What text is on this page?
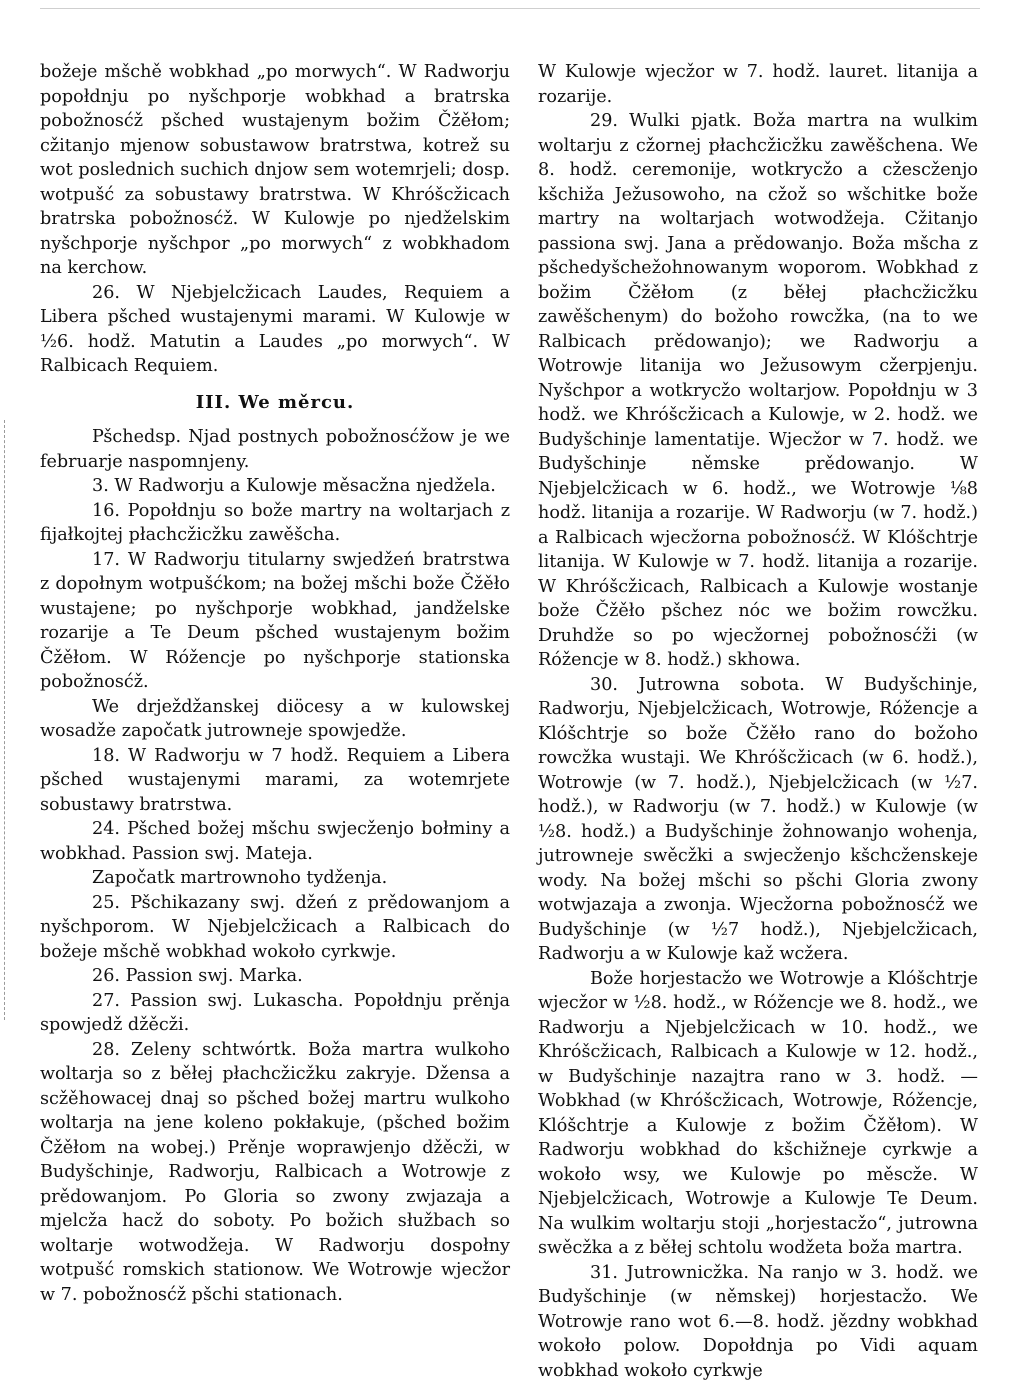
božeje mšchě wobkhad „po morwych“. W Radworju popołdnju po nyšchporje wobkhad a bratrska pobožnosćž pšched wustajenym božim Čžěłom; cžitanjo mjenow sobustawow bratrstwa, kotrež su wot poslednich suchich dnjow sem wotemrjeli; dosp. wotpušć za sobustawy bratrstwa. W Khróšcžicach bratrska pobožnosćž. W Kulowje po njedželskim nyšchporje nyšchpor „po morwych“ z wobkhadom na kerchow.

26. W Njebjelcžicach Laudes, Requiem a Libera pšched wustajenymi marami. W Kulowje w ½6. hodž. Matutin a Laudes „po morwych“. W Ralbicach Requiem.

III. We měrcu.

Pšchedsp. Njad postnych pobožnosćžow je we februarje naspomnjeny.

3. W Radworju a Kulowje měsacžna njedžela.

16. Popołdnju so bože martry na woltarjach z fijałkojtej płachcžicžku zawěšcha.

17. W Radworju titularny swjedžeń bratrstwa z dopołnym wotpušćkom; na božej mšchi bože Čžěło wustajene; po nyšchporje wobkhad, jandželske rozarije a Te Deum pšched wustajenym božim Čžěłom. W Róžencje po nyšchporje stationska pobožnosćž.

We drježdžanskej diöcesy a w kulowskej wosadže započatk jutrowneje spowjedže.

18. W Radworju w 7 hodž. Requiem a Libera pšched wustajenymi marami, za wotemrjete sobustawy bratrstwa.

24. Pšched božej mšchu swjecženjo bołminy a wobkhad. Passion swj. Mateja.

Započatk martrownoho tydženja.

25. Pšchikazany swj. džeń z prědowanjom a nyšchporom. W Njebjelcžicach a Ralbicach do božeje mšchě wobkhad wokoło cyrkwje.

26. Passion swj. Marka.

27. Passion swj. Lukascha. Popołdnju prěnja spowjedž džěcži.

28. Zeleny schtwórtk. Boža martra wulkoho woltarja so z běłej płachcžicžku zakryje. Džensa a scžěhowacej dnaj so pšched božej martru wulkoho woltarja na jene koleno pokłakuje, (pšched božim Čžěłom na wobej.) Prěnje woprawjenjo džěcži, w Budyšchinje, Radworju, Ralbicach a Wotrowje z prědowanjom. Po Gloria so zwony zwjazaja a mjelcža hacž do soboty. Po božich słužbach so woltarje wotwodžeja. W Radworju dospołny wotpušć romskich stationow. We Wotrowje wjecžor w 7. pobožnosćž pšchi stationach.

W Kulowje wjecžor w 7. hodž. lauret. litanija a rozarije.

29. Wulki pjatk. Boža martra na wulkim woltarju z cžornej płachcžicžku zawěšchena. We 8. hodž. ceremonije, wotkrycžo a cžescženjo kšchiža Ježusowoho, na cžož so wšchitke bože martry na woltarjach wotwodžeja. Cžitanjo passiona swj. Jana a prědowanjo. Boža mšcha z pšchedyšchežohnowanym woporom. Wobkhad z božim Čžěłom (z běłej płachcžicžku zawěšchenym) do božoho rowcžka, (na to we Ralbicach prědowanjo); we Radworju a Wotrowje litanija wo Ježusowym cžerpjenju. Nyšchpor a wotkrycžo woltarjow. Popołdnju w 3 hodž. we Khróšcžicach a Kulowje, w 2. hodž. we Budyšchinje lamentatije. Wjecžor w 7. hodž. we Budyšchinje němske prědowanjo. W Njebjelcžicach w 6. hodž., we Wotrowje ⅛8 hodž. litanija a rozarije. W Radworju (w 7. hodž.) a Ralbicach wjecžorna pobožnosćž. W Klóšchtrje litanija. W Kulowje w 7. hodž. litanija a rozarije. W Khróšcžicach, Ralbicach a Kulowje wostanje bože Čžěło pšchez nóc we božim rowcžku. Druhdže so po wjecžornej pobožnosćži (w Róžencje w 8. hodž.) skhowa.

30. Jutrowna sobota. W Budyšchinje, Radworju, Njebjelcžicach, Wotrowje, Róžencje a Klóšchtrje so bože Čžěło rano do božoho rowcžka wustaji. We Khróšcžicach (w 6. hodž.), Wotrowje (w 7. hodž.), Njebjelcžicach (w ½7. hodž.), w Radworju (w 7. hodž.) w Kulowje (w ½8. hodž.) a Budyšchinje žohnowanjo wohenja, jutrowneje swěcžki a swjecženjo kšchcženskeje wody. Na božej mšchi so pšchi Gloria zwony wotwjazaja a zwonja. Wjecžorna pobožnosćž we Budyšchinje (w ½7 hodž.), Njebjelcžicach, Radworju a w Kulowje kaž wcžera.

Bože horjestacžo we Wotrowje a Klóšchtrje wjecžor w ½8. hodž., w Róžencje we 8. hodž., we Radworju a Njebjelcžicach w 10. hodž., we Khróšcžicach, Ralbicach a Kulowje w 12. hodž., w Budyšchinje nazajtra rano w 3. hodž. — Wobkhad (w Khróšcžicach, Wotrowje, Róžencje, Klóšchtrje a Kulowje z božim Čžěłom). W Radworju wobkhad do kšchižneje cyrkwje a wokoło wsy, we Kulowje po měscže. W Njebjelcžicach, Wotrowje a Kulowje Te Deum. Na wulkim woltarju stoji „horjestacžo“, jutrowna swěcžka a z běłej schtolu wodžeta boža martra.

31. Jutrownicžka. Na ranjo w 3. hodž. we Budyšchinje (w němskej) horjestacžo. We Wotrowje rano wot 6.—8. hodž. jězdny wobkhad wokoło polow. Dopołdnja po Vidi aquam wobkhad wokoło cyrkwje
